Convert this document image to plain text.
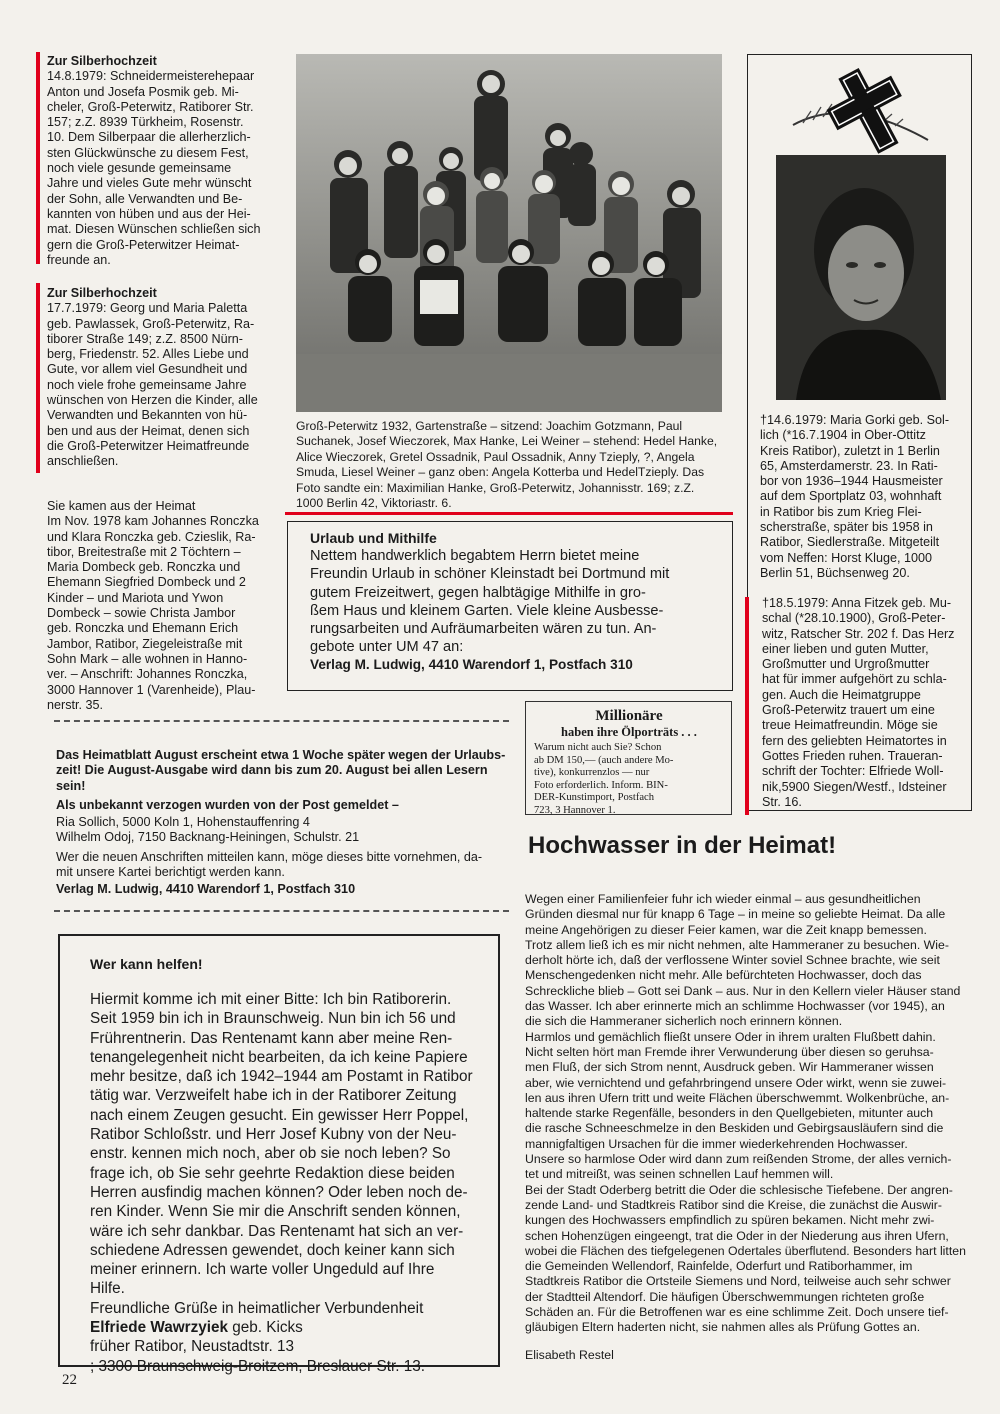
Zur Silberhochzeit
14.8.1979: Schneidermeisterehepaar
Anton und Josefa Posmik geb. Mi-
cheler, Groß-Peterwitz, Ratiborer Str.
157; z.Z. 8939 Türkheim, Rosenstr.
10. Dem Silberpaar die allerherzlich-
sten Glückwünsche zu diesem Fest,
noch viele gesunde gemeinsame
Jahre und vieles Gute mehr wünscht
der Sohn, alle Verwandten und Be-
kannten von hüben und aus der Hei-
mat. Diesen Wünschen schließen sich
gern die Groß-Peterwitzer Heimat-
freunde an.
Zur Silberhochzeit
17.7.1979: Georg und Maria Paletta
geb. Pawlassek, Groß-Peterwitz, Ra-
tiborer Straße 149; z.Z. 8500 Nürn-
berg, Friedenstr. 52. Alles Liebe und
Gute, vor allem viel Gesundheit und
noch viele frohe gemeinsame Jahre
wünschen von Herzen die Kinder, alle
Verwandten und Bekannten von hü-
ben und aus der Heimat, denen sich
die Groß-Peterwitzer Heimatfreunde
anschließen.
Sie kamen aus der Heimat
Im Nov. 1978 kam Johannes Ronczka
und Klara Ronczka geb. Czieslik, Ra-
tibor, Breitestraße mit 2 Töchtern –
Maria Dombeck geb. Ronczka und
Ehemann Siegfried Dombeck und 2
Kinder – und Mariota und Ywon
Dombeck – sowie Christa Jambor
geb. Ronczka und Ehemann Erich
Jambor, Ratibor, Ziegeleistraße mit
Sohn Mark – alle wohnen in Hanno-
ver. – Anschrift: Johannes Ronczka,
3000 Hannover 1 (Varenheide), Plau-
nerstr. 35.
Groß-Peterwitz 1932, Gartenstraße – sitzend: Joachim Gotzmann, Paul
Suchanek, Josef Wieczorek, Max Hanke, Lei Weiner – stehend: Hedel Hanke,
Alice Wieczorek, Gretel Ossadnik, Paul Ossadnik, Anny Tzieply, ?, Angela
Smuda, Liesel Weiner – ganz oben: Angela Kotterba und HedelTzieply. Das
Foto sandte ein: Maximilian Hanke, Groß-Peterwitz, Johannisstr. 169; z.Z.
1000 Berlin 42, Viktoriastr. 6.
Urlaub und Mithilfe
Nettem handwerklich begabtem Herrn bietet meine
Freundin Urlaub in schöner Kleinstadt bei Dortmund mit
gutem Freizeitwert, gegen halbtägige Mithilfe in gro-
ßem Haus und kleinem Garten. Viele kleine Ausbesse-
rungsarbeiten und Aufräumarbeiten wären zu tun. An-
gebote unter UM 47 an:
Verlag M. Ludwig, 4410 Warendorf 1, Postfach 310
†14.6.1979: Maria Gorki geb. Sol-
lich (*16.7.1904 in Ober-Ottitz
Kreis Ratibor), zuletzt in 1 Berlin
65, Amsterdamerstr. 23. In Rati-
bor von 1936–1944 Hausmeister
auf dem Sportplatz 03, wohnhaft
in Ratibor bis zum Krieg Flei-
scherstraße, später bis 1958 in
Ratibor, Siedlerstraße. Mitgeteilt
vom Neffen: Horst Kluge, 1000
Berlin 51, Büchsenweg 20.
†18.5.1979: Anna Fitzek geb. Mu-
schal (*28.10.1900), Groß-Peter-
witz, Ratscher Str. 202 f. Das Herz
einer lieben und guten Mutter,
Großmutter und Urgroßmutter
hat für immer aufgehört zu schla-
gen. Auch die Heimatgruppe
Groß-Peterwitz trauert um eine
treue Heimatfreundin. Möge sie
fern des geliebten Heimatortes in
Gottes Frieden ruhen. Traueran-
schrift der Tochter: Elfriede Woll-
nik,5900 Siegen/Westf., Idsteiner
Str. 16.
Das Heimatblatt August erscheint etwa 1 Woche später wegen der Urlaubs-
zeit! Die August-Ausgabe wird dann bis zum 20. August bei allen Lesern
sein!
Als unbekannt verzogen wurden von der Post gemeldet –
Ria Sollich, 5000 Koln 1, Hohenstauffenring 4
Wilhelm Odoj, 7150 Backnang-Heiningen, Schulstr. 21
Wer die neuen Anschriften mitteilen kann, möge dieses bitte vornehmen, da-
mit unsere Kartei berichtigt werden kann.
Verlag M. Ludwig, 4410 Warendorf 1, Postfach 310
Millionäre
haben ihre Ölporträts . . .
Warum nicht auch Sie? Schon
ab DM 150,— (auch andere Mo-
tive), konkurrenzlos — nur
Foto erforderlich. Inform. BIN-
DER-Kunstimport, Postfach
723, 3 Hannover 1.
Hochwasser in der Heimat!
Wegen einer Familienfeier fuhr ich wieder einmal – aus gesundheitlichen
Gründen diesmal nur für knapp 6 Tage – in meine so geliebte Heimat. Da alle
meine Angehörigen zu dieser Feier kamen, war die Zeit knapp bemessen.
Trotz allem ließ ich es mir nicht nehmen, alte Hammeraner zu besuchen. Wie-
derholt hörte ich, daß der verflossene Winter soviel Schnee brachte, wie seit
Menschengedenken nicht mehr. Alle befürchteten Hochwasser, doch das
Schreckliche blieb – Gott sei Dank – aus. Nur in den Kellern vieler Häuser stand
das Wasser. Ich aber erinnerte mich an schlimme Hochwasser (vor 1945), an
die sich die Hammeraner sicherlich noch erinnern können.
Harmlos und gemächlich fließt unsere Oder in ihrem uralten Flußbett dahin.
Nicht selten hört man Fremde ihrer Verwunderung über diesen so geruhsa-
men Fluß, der sich Strom nennt, Ausdruck geben. Wir Hammeraner wissen
aber, wie vernichtend und gefahrbringend unsere Oder wirkt, wenn sie zuwei-
len aus ihren Ufern tritt und weite Flächen überschwemmt. Wolkenbrüche, an-
haltende starke Regenfälle, besonders in den Quellgebieten, mitunter auch
die rasche Schneeschmelze in den Beskiden und Gebirgsausläufern sind die
mannigfaltigen Ursachen für die immer wiederkehrenden Hochwasser.
Unsere so harmlose Oder wird dann zum reißenden Strome, der alles vernich-
tet und mitreißt, was seinen schnellen Lauf hemmen will.
Bei der Stadt Oderberg betritt die Oder die schlesische Tiefebene. Der angren-
zende Land- und Stadtkreis Ratibor sind die Kreise, die zunächst die Auswir-
kungen des Hochwassers empfindlich zu spüren bekamen. Nicht mehr zwi-
schen Hohenzügen eingeengt, trat die Oder in der Niederung aus ihren Ufern,
wobei die Flächen des tiefgelegenen Odertales überflutend. Besonders hart litten
die Gemeinden Wellendorf, Rainfelde, Oderfurt und Ratiborhammer, im
Stadtkreis Ratibor die Ortsteile Siemens und Nord, teilweise auch sehr schwer
der Stadtteil Altendorf. Die häufigen Überschwemmungen richteten große
Schäden an. Für die Betroffenen war es eine schlimme Zeit. Doch unsere tief-
gläubigen Eltern haderten nicht, sie nahmen alles als Prüfung Gottes an.
Elisabeth Restel
Wer kann helfen!
Hiermit komme ich mit einer Bitte: Ich bin Ratiborerin.
Seit 1959 bin ich in Braunschweig. Nun bin ich 56 und
Frührentnerin. Das Rentenamt kann aber meine Ren-
tenangelegenheit nicht bearbeiten, da ich keine Papiere
mehr besitze, daß ich 1942–1944 am Postamt in Ratibor
tätig war. Verzweifelt habe ich in der Ratiborer Zeitung
nach einem Zeugen gesucht. Ein gewisser Herr Poppel,
Ratibor Schloßstr. und Herr Josef Kubny von der Neu-
enstr. kennen mich noch, aber ob sie noch leben? So
frage ich, ob Sie sehr geehrte Redaktion diese beiden
Herren ausfindig machen können? Oder leben noch de-
ren Kinder. Wenn Sie mir die Anschrift senden können,
wäre ich sehr dankbar. Das Rentenamt hat sich an ver-
schiedene Adressen gewendet, doch keiner kann sich
meiner erinnern. Ich warte voller Ungeduld auf Ihre
Hilfe.
Freundliche Grüße in heimatlicher Verbundenheit
Elfriede Wawrzyiek geb. Kicks
früher Ratibor, Neustadtstr. 13
; 3300 Braunschweig-Broitzem, Breslauer Str. 13.
22
